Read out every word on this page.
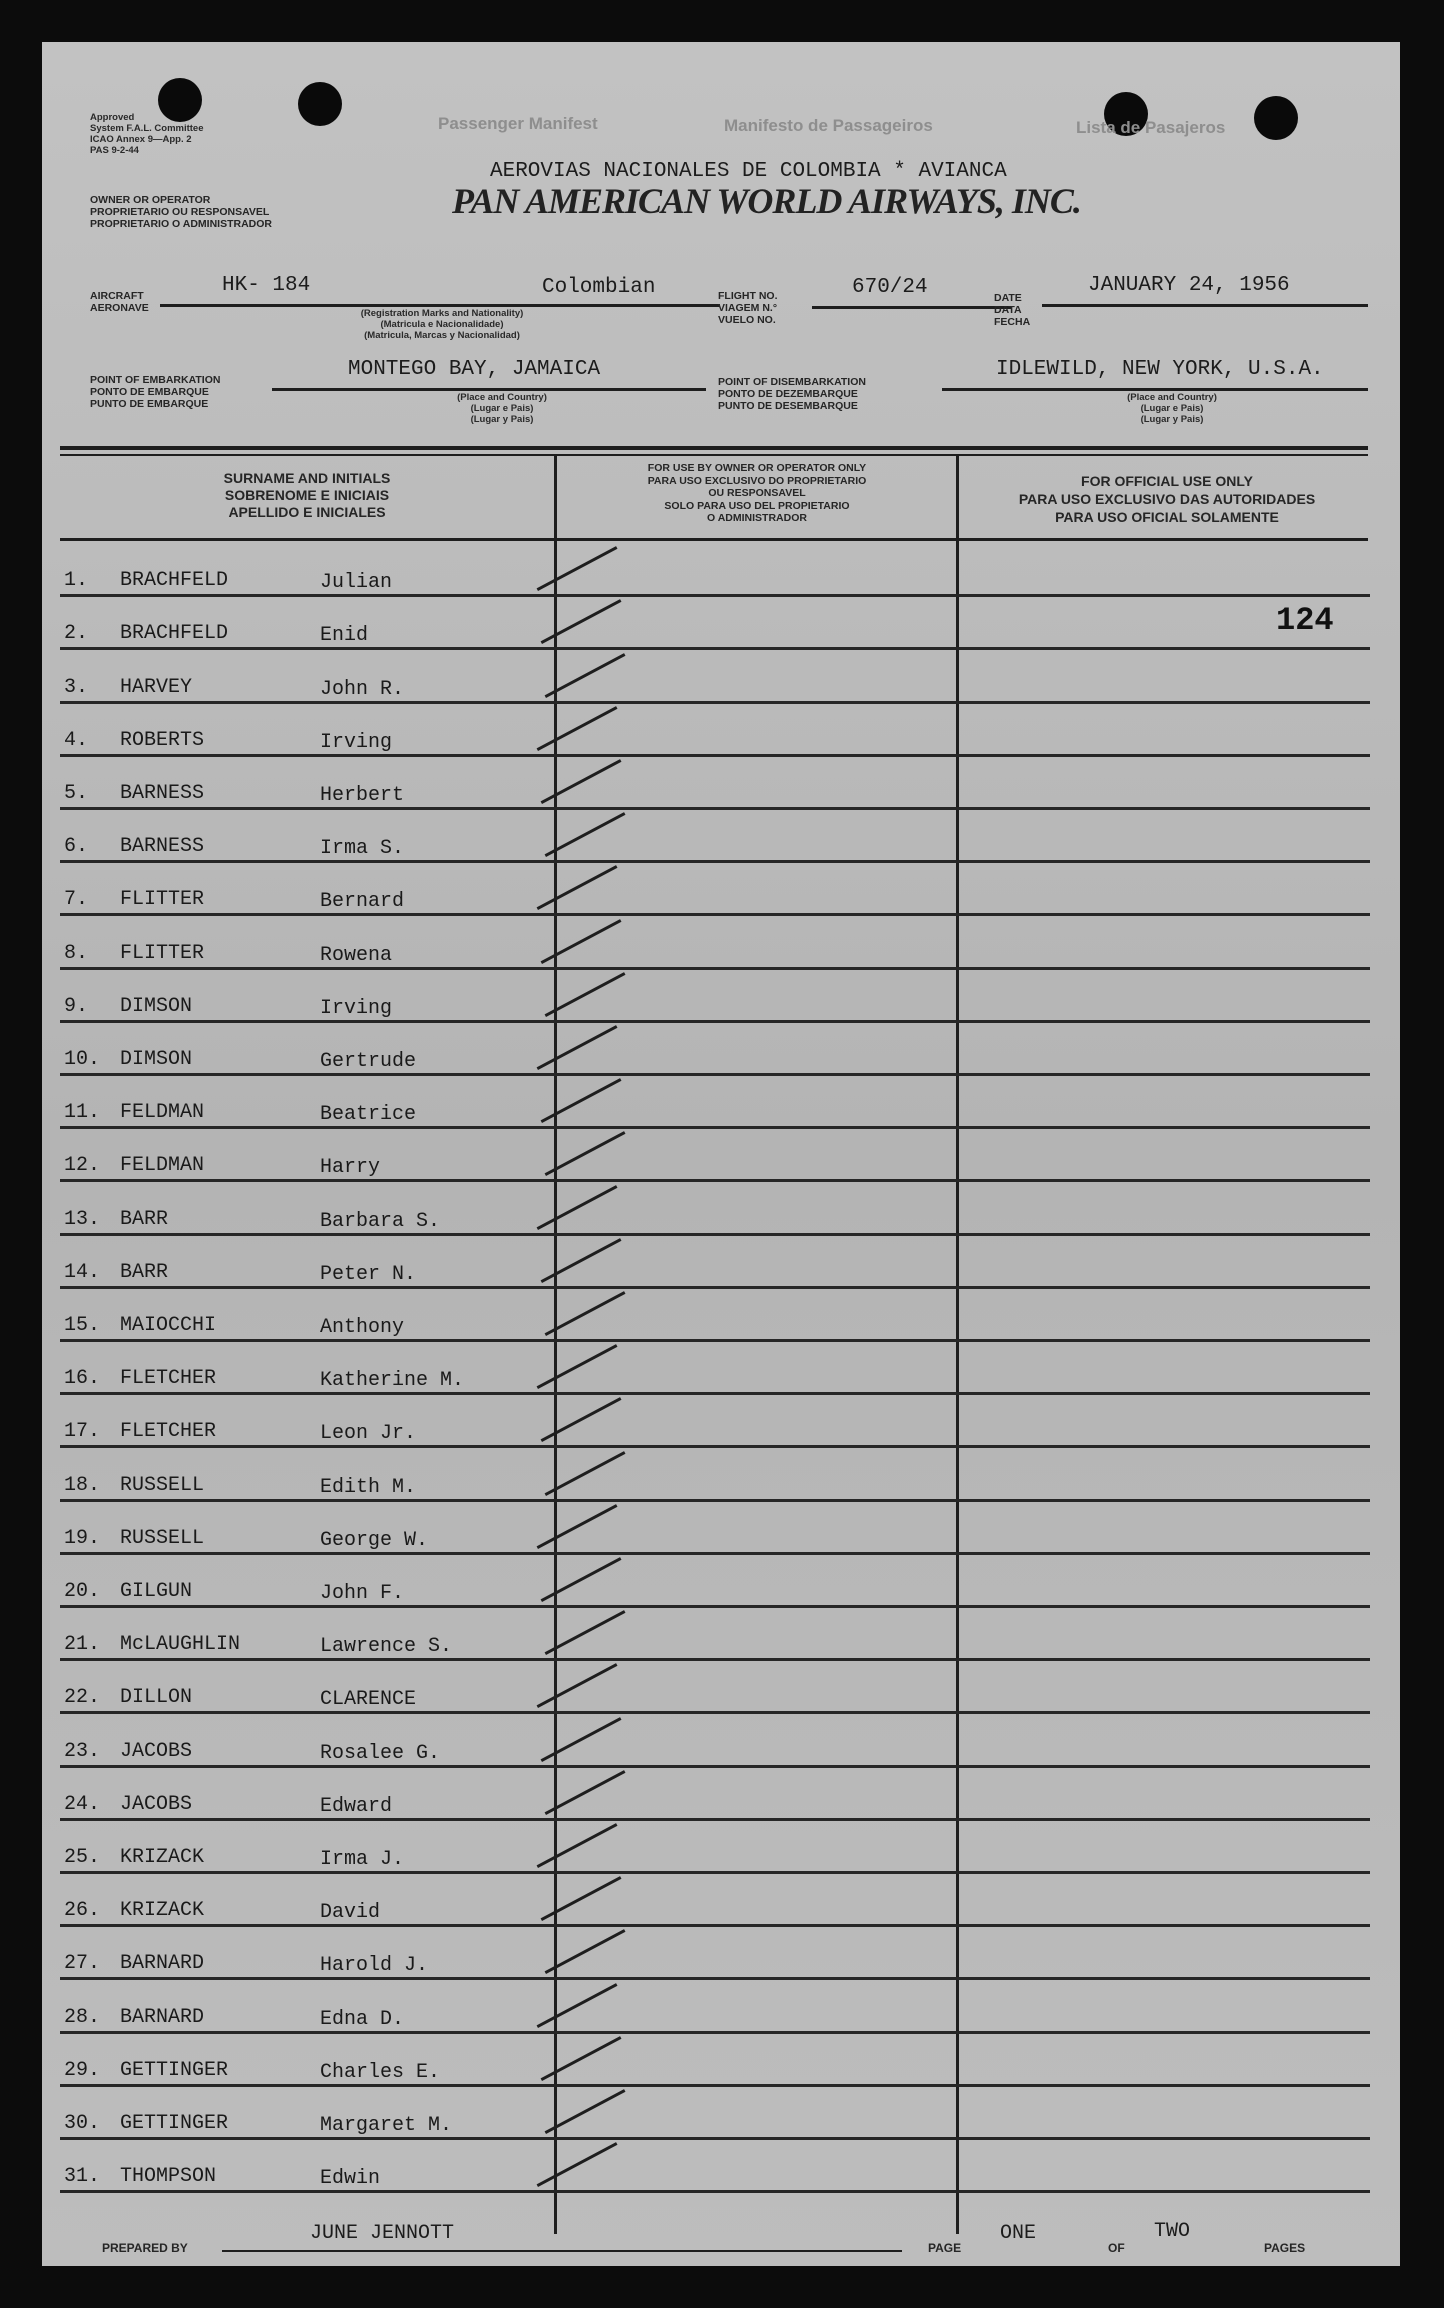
Approved
System F.A.L. Committee
ICAO Annex 9—App. 2
PAS 9-2-44
Passenger Manifest	Manifesto de Passageiros	Lista de Pasajeros
OWNER OR OPERATOR
PROPRIETARIO OU RESPONSAVEL
PROPRIETARIO O ADMINISTRADOR
AEROVIAS NACIONALES DE COLOMBIA * AVIANCA
PAN AMERICAN WORLD AIRWAYS, INC.
AIRCRAFT
AERONAVE
HK- 184	Colombian
(Registration Marks and Nationality)
(Matricula e Nacionalidade)
(Matricula, Marcas y Nacionalidad)
FLIGHT NO.
VIAGEM N.°
VUELO NO.
670/24	DATE
DATA
FECHA
JANUARY 24, 1956
POINT OF EMBARKATION
PONTO DE EMBARQUE
PUNTO DE EMBARQUE
MONTEGO BAY, JAMAICA
(Place and Country)
(Lugar e Pais)
(Lugar y Pais)
POINT OF DISEMBARKATION
PONTO DE DEZEMBARQUE
PUNTO DE DESEMBARQUE
IDLEWILD, NEW YORK, U.S.A.
(Place and Country)
(Lugar e Pais)
(Lugar y Pais)
SURNAME AND INITIALS
SOBRENOME E INICIAIS
APELLIDO E INICIALES
FOR USE BY OWNER OR OPERATOR ONLY
PARA USO EXCLUSIVO DO PROPRIETARIO
OU RESPONSAVEL
SOLO PARA USO DEL PROPIETARIO
O ADMINISTRADOR
FOR OFFICIAL USE ONLY
PARA USO EXCLUSIVO DAS AUTORIDADES
PARA USO OFICIAL SOLAMENTE
1. BRACHFELD	Julian
2. BRACHFELD	Enid
3. HARVEY	John R.
4. ROBERTS	Irving
5. BARNESS	Herbert
6. BARNESS	Irma S.
7. FLITTER	Bernard
8. FLITTER	Rowena
9. DIMSON	Irving
10. DIMSON	Gertrude
11. FELDMAN	Beatrice
12. FELDMAN	Harry
13. BARR	Barbara S.
14. BARR	Peter N.
15. MAIOCCHI	Anthony
16. FLETCHER	Katherine M.
17. FLETCHER	Leon Jr.
18. RUSSELL	Edith M.
19. RUSSELL	George W.
20. GILGUN	John F.
21. McLAUGHLIN	Lawrence S.
22. DILLON	CLARENCE
23. JACOBS	Rosalee G.
24. JACOBS	Edward
25. KRIZACK	Irma J.
26. KRIZACK	David
27. BARNARD	Harold J.
28. BARNARD	Edna D.
29. GETTINGER	Charles E.
30. GETTINGER	Margaret M.
31. THOMPSON	Edwin
124
PREPARED BY
JUNE JENNOTT
PAGE
ONE
OF
TWO
PAGES
